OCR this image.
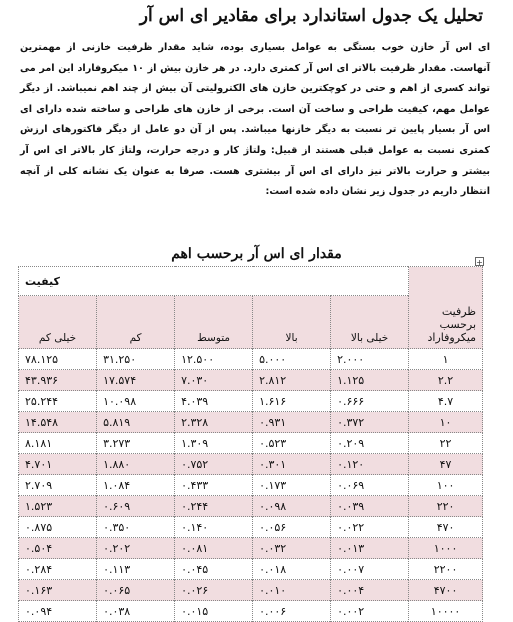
تحلیل یک جدول استاندارد برای مقادیر ای اس آر
ای اس آر خازن خوب بستگی به عوامل بسیاری بوده، شاید مقدار ظرفیت خازنی از مهمترین آنهاست. مقدار ظرفیت بالاتر ای اس آر کمتری دارد. در هر خازن بیش از ۱۰ میکروفاراد این امر می تواند کسری از اهم و حتی در کوچکترین خازن های الکترولیتی آن بیش از چند اهم نمیباشد. از دیگر عوامل مهم، کیفیت طراحی و ساخت آن است. برخی از خازن های طراحی و ساخته شده دارای ای اس آر بسیار پایین تر نسبت به دیگر خازنها میباشد. پس از آن دو عامل از دیگر فاکتورهای ارزش کمتری نسبت به عوامل قبلی هستند از قبیل: ولتاژ کار و درجه حرارت، ولتاژ کار بالاتر ای اس آر بیشتر و حرارت بالاتر نیز دارای ای اس آر بیشتری هست. صرفا به عنوان یک نشانه کلی از آنچه انتظار داریم در جدول زیر نشان داده شده است:
مقدار ای اس آر برحسب اهم
+
ظرفیت برحسب میکروفاراد	کیفیت				
	خیلی بالا	بالا	متوسط	کم	خیلی کم
۱	۲.۰۰۰	۵.۰۰۰	۱۲.۵۰۰	۳۱.۲۵۰	۷۸.۱۲۵
۲.۲	۱.۱۲۵	۲.۸۱۲	۷.۰۳۰	۱۷.۵۷۴	۴۳.۹۳۶
۴.۷	۰.۶۶۶	۱.۶۱۶	۴.۰۳۹	۱۰.۰۹۸	۲۵.۲۴۴
۱۰	۰.۳۷۲	۰.۹۳۱	۲.۳۲۸	۵.۸۱۹	۱۴.۵۴۸
۲۲	۰.۲۰۹	۰.۵۲۳	۱.۳۰۹	۳.۲۷۳	۸.۱۸۱
۴۷	۰.۱۲۰	۰.۳۰۱	۰.۷۵۲	۱.۸۸۰	۴.۷۰۱
۱۰۰	۰.۰۶۹	۰.۱۷۳	۰.۴۳۳	۱.۰۸۴	۲.۷۰۹
۲۲۰	۰.۰۳۹	۰.۰۹۸	۰.۲۴۴	۰.۶۰۹	۱.۵۲۳
۴۷۰	۰.۰۲۲	۰.۰۵۶	۰.۱۴۰	۰.۳۵۰	۰.۸۷۵
۱۰۰۰	۰.۰۱۳	۰.۰۳۲	۰.۰۸۱	۰.۲۰۲	۰.۵۰۴
۲۲۰۰	۰.۰۰۷	۰.۰۱۸	۰.۰۴۵	۰.۱۱۳	۰.۲۸۴
۴۷۰۰	۰.۰۰۴	۰.۰۱۰	۰.۰۲۶	۰.۰۶۵	۰.۱۶۳
۱۰۰۰۰	۰.۰۰۲	۰.۰۰۶	۰.۰۱۵	۰.۰۳۸	۰.۰۹۴
